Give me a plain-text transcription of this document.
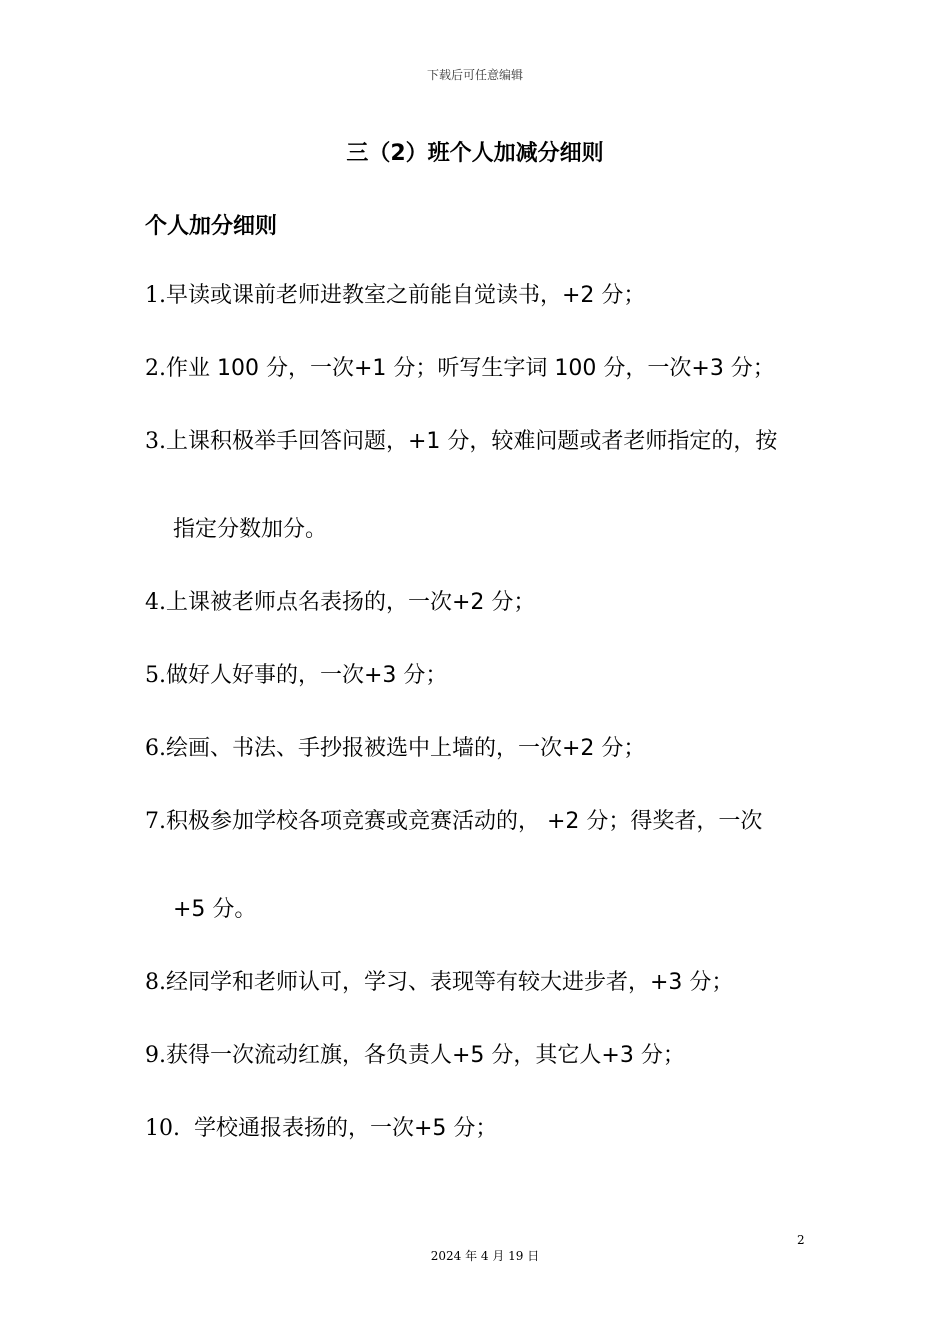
下载后可任意编辑
三（2）班个人加减分细则
个人加分细则
1.早读或课前老师进教室之前能自觉读书，+2 分；
2.作业 100 分，一次+1 分；听写生字词 100 分，一次+3 分；
3.上课积极举手回答问题，+1 分，较难问题或者老师指定的，按
指定分数加分。
4.上课被老师点名表扬的，一次+2 分；
5.做好人好事的，一次+3 分；
6.绘画、书法、手抄报被选中上墙的，一次+2 分；
7.积极参加学校各项竞赛或竞赛活动的， +2 分；得奖者，一次
+5 分。
8.经同学和老师认可，学习、表现等有较大进步者，+3 分；
9.获得一次流动红旗，各负责人+5 分，其它人+3 分；
10. 学校通报表扬的，一次+5 分；
2
2024 年 4 月 19 日
